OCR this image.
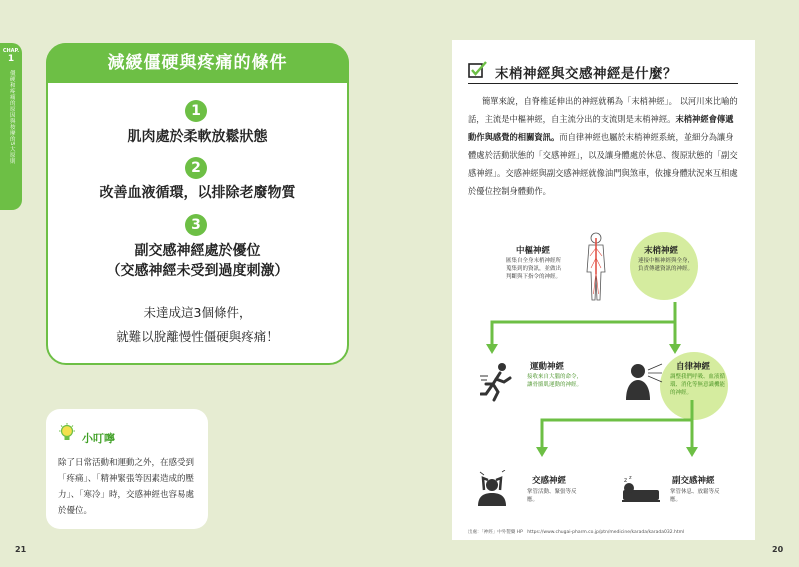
CHAP.
1
僵硬和疼痛的原因與按摩的5大原則
減緩僵硬與疼痛的條件
1
肌肉處於柔軟放鬆狀態
2
改善血液循環，以排除老廢物質
3
副交感神經處於優位
（交感神經未受到過度刺激）
未達成這3個條件，
就難以脫離慢性僵硬與疼痛！
小叮嚀
除了日常活動和運動之外，在感受到「疼痛」、「精神緊張等因素造成的壓力」、「寒冷」時，交感神經也容易處於優位。
21
末梢神經與交感神經是什麼？
簡單來說，自脊椎延伸出的神經就稱為「末梢神經」。 以河川來比喻的話，主流是中樞神經，自主流分出的支流則是末梢神經。末梢神經會傳遞動作與感覺的相關資訊。而自律神經也屬於末梢神經系統，並細分為讓身體處於活動狀態的「交感神經」，以及讓身體處於休息、復原狀態的「副交感神經」。交感神經與副交感神經就像油門與煞車，依據身體狀況來互相處於優位控制身體動作。
中樞神經
匯集自全身末梢神經所蒐集到的資訊，並做出判斷與下指令的神經。
末梢神經
連接中樞神經與全身，負責傳遞資訊的神經。
運動神經
接收來自大腦的命令，讓骨骼肌運動的神經。
自律神經
調整我們呼吸、血液循環、消化等無意識機能的神經。
交感神經
掌管活動、緊張等反應。
z z	副交感神經
掌管休息、放鬆等反應。
出處：「神經」中外製藥 HP　https://www.chugai-pharm.co.jp/ptn/medicine/karada/karada032.html
20
